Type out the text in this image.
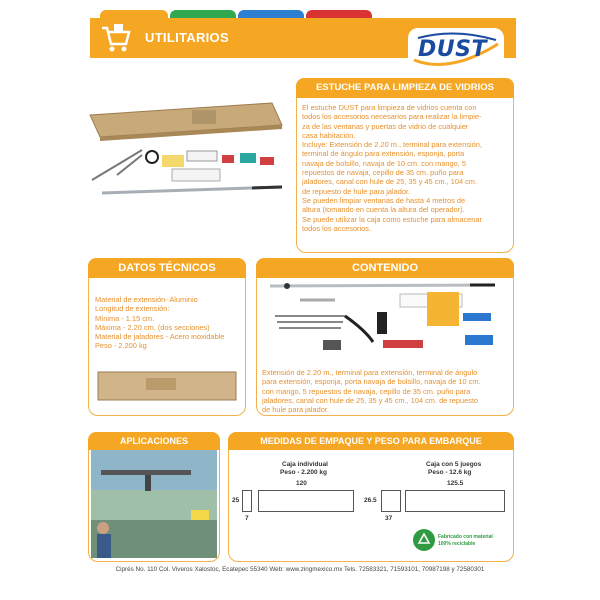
UTILITARIOS	DUST
ESTUCHE PARA LIMPIEZA DE VIDRIOS
El estuche DUST para limpieza de vidrios cuenta con
todos los accesorios necesarios para realizar la limpie-
za de las ventanas y puertas de vidrio de cualquier
casa habitación.
Incluye: Extensión de 2.20 m., terminal para extensión,
terminal de ángulo para extensión, esponja, porta
navaja de bolsillo, navaja de 10 cm. con mango, 5
repuestos de navaja, cepillo de 35 cm. puño para
jaladores, canal con hule de 25, 35 y 45 cm., 104 cm.
de repuesto de hule para jalador.
Se pueden limpiar ventanas de hasta 4 metros de
altura (tomando en cuenta la altura del operador).
Se puede utilizar la caja como estuche para almacenar
todos los accesorios.
DATOS TÉCNICOS
Material de extensión- Aluminio
Longitud de extensión:
Mínima - 1.15 cm.
Máxima - 2.20 cm. (dos secciones)
Material de jaladores - Acero inoxidable
Peso - 2.200 kg
CONTENIDO
Extensión de 2.20 m., terminal para extensión, terminal de ángulo
para extensión, esponja, porta navaja de bolsillo, navaja de 10 cm.
con mango, 5 repuestos de navaja, cepillo de 35 cm. puño para
jaladores, canal con hule de 25, 35 y 45 cm., 104 cm. de repuesto
de hule para jalador.
APLICACIONES	MEDIDAS DE EMPAQUE Y PESO PARA EMBARQUE
Caja individual
Peso - 2.200 kg
120
25
7
Caja con 5 juegos
Peso - 12.6 kg
125.5
26.5
37
Fabricado con material
100% reciclable
Ciprés No. 110 Col. Viveros Xalostoc, Ecatepec 55340 Web: www.zingmexico.mx Tels. 72583321, 71593101, 70987198 y 72580301
